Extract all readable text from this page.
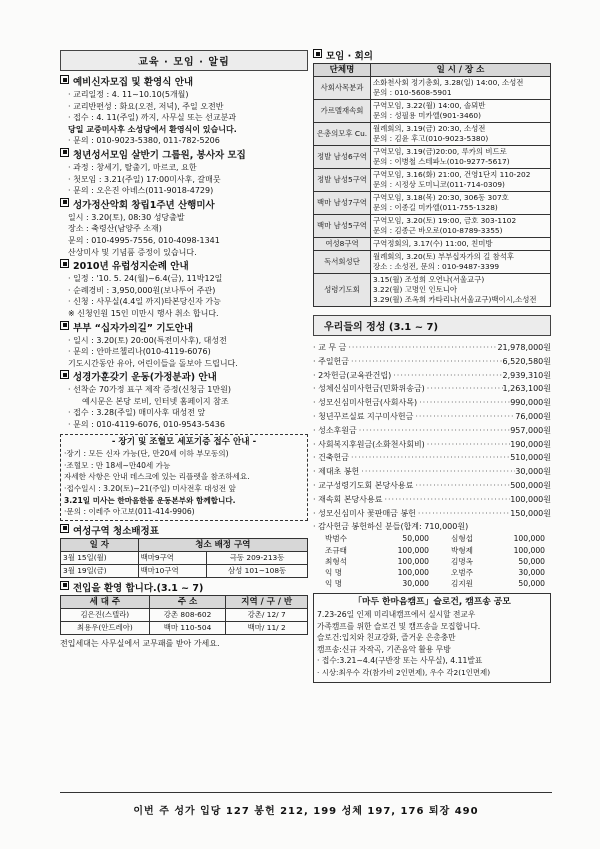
교육 · 모임 · 알림
예비신자모집 및 환영식 안내
· 교리일정 : 4. 11~10.10(5개월)
· 교리반편성 : 화요(오전, 저녁), 주일 오전반
· 접수 : 4. 11(주일) 까지, 사무실 또는 선교분과
당일 교중미사후 소성당에서 환영식이 있습니다.
· 문의 : 010-9023-5380, 011-782-5206
청년성서모임 살반기 그룹원, 봉사자 모집
· 과정 : 창세기, 탈출기, 마르코, 요한
· 첫모임 : 3.21(주일) 17:00미사후, 갈매뭇
· 문의 : 오은진 아녜스(011-9018-4729)
성가정산악회 창립1주년 산행미사
일시 : 3.20(토), 08:30 성당출발
장소 : 축령산(남양주 소재)
문의 : 010-4995-7556, 010-4098-1341
산상미사 및 기념품 증정이 있습니다.
2010년 유럽성지순례 안내
· 일정 : '10. 5. 24(월)~6.4(금), 11박12일
· 순례경비 : 3,950,000원(보나투어 주관)
· 신청 : 사무실(4.4일 까지)타본당신자 가능
※ 신청인원 15인 미만시 행사 취소 합니다.
부부 “십자가의길” 기도안내
· 일시 : 3.20(토) 20:00(특전미사후), 대성전
· 문의 : 안마르첼리나(010-4119-6076)
기도시간동안 유아, 어린이들을 돌보아 드립니다.
성경가훈갖기 운동(가정분과) 안내
· 선착순 70가정 표구 제작 증정(신청금 1만원)
예시문은 본당 로비, 인터넷 홈페이지 참조
· 접수 : 3.28(주일) 매미사후 대성전 앞
· 문의 : 010-4119-6076, 010-9543-5436
- 장기 및 조혈모 세포기증 접수 안내 -
·장기 : 모든 신자 가능(단, 만20세 이하 부모동의)
·조혈모 : 만 18세~만40세 가능
자세한 사항은 안내 데스크에 있는 리플렛을 참조하세요.
·접수일시 : 3.20(토)~21(주일) 미사전후 대성전 앞
3.21일 미사는 한마음한몸 운동본부와 함께합니다.
·문의 : 이레주 아고보(011-414-9906)
여성구역 청소배정표
일 자	청소 배정 구역	
3월 15일(월)	백마9구역	극동 209-213동
3월 19일(금)	백마10구역	삼성 101~108동
전입을 환영 합니다.(3.1 ~ 7)
세 대 주	주 소	지역 / 구 / 반
김은진(스텔라)	강촌 808-602	강촌/ 12/ 7
최용우(안드레아)	백마 110-504	백마/ 11/ 2
전입세대는 사무실에서 교무패를 받아 가세요.
모임 · 회의
단체명	일 시 / 장 소
사회사목분과	소화천사회 정기총회, 3.28(일) 14:00, 소성전
문의 : 010-5608-5901

가르멜재속회	구역모임, 3.22(월) 14:00, 솔뫼반
문의 : 성필용 미카엘(901-3460)

은총의모후 Cu.	월례회의, 3.19(금) 20:30, 소성전
문의 : 김윤 후고(010-9023-5380)

정발 남성6구역	구역모임, 3.19(금)20:00, 루카의 비드로
문의 : 이병철 스테파노(010-9277-5617)

정발 남성5구역	구역모임, 3.16(화) 21:00, 건영1단지 110-202
문의 : 시정상 도미니코(011-714-0309)

백마 남성7구역	구역모임, 3.18(목) 20:30, 306동 307호
문의 : 이종길 미카엘(011-755-1328)

백마 남성5구역	구역모임, 3.20(토) 19:00, 금호 303-1102
문의 : 김종근 바오로(010-8789-3355)

여성8구역	구역정회의, 3.17(수) 11:00, 친미방

독서회성단	월례회의, 3.20(토) 부부십자가의 길 참석후
장소 : 소성전, 문의 : 010-9487-3399

성령기도회	3.15(월) 조성희 오연나(서울교구)
3.22(월) 고명인 인토니아
3.29(월) 조옥희 카타리나(서울교구)백이시,소성전
우리들의 정성 (3.1 ~ 7)
· 교 무 금 ·····	21,978,000원
· 주일헌금 ·····	6,520,580원
· 2차헌금(교육관건립) ·····	2,939,310원
· 성체신심미사헌금(민화위송금) ·····	1,263,100원
· 성모신심미사헌금(사회사목) ·····	990,000원
· 청년꾸르실료 지구미사헌금 ·····	76,000원
· 성소후원금 ·····	957,000원
· 사회복지후원금(소화천사회비) ·····	190,000원
· 건축헌금 ·····	510,000원
· 제대초 봉헌 ·····	30,000원
· 교구성령기도회 본당사용료 ·····	500,000원
· 재속회 본당사용료 ·····	100,000원
· 성모신심미사 꽃판매금 봉헌 ·····	150,000원
· 감사헌금 봉헌하신 분들(합계: 710,000원)
박범수	50,000	심형섭	100,000
조규태	100,000	박형제	100,000
최형석	100,000	김명옥	50,000
익 명	100,000	오범주	30,000
익 명	30,000	김지원	50,000
「마두 한마음캠프」슬로건, 캠프송 공모
7.23-26일 인제 미리내캠프에서 실시할 전교우
가족캠프를 위한 슬로건 및 캠프송을 모집합니다.
슬로건:입치와 친교강화, 즐거운 은총충만
캠프송:신규 자작곡, 기존음악 활용 무방
· 접수:3.21~4.4(구반장 또는 사무실), 4.11발표
· 시상:최우수 각(참가비 2인면제), 우수 각2(1인면제)
이번 주 성가 입당 127 봉헌 212, 199 성체 197, 176 퇴장 490
